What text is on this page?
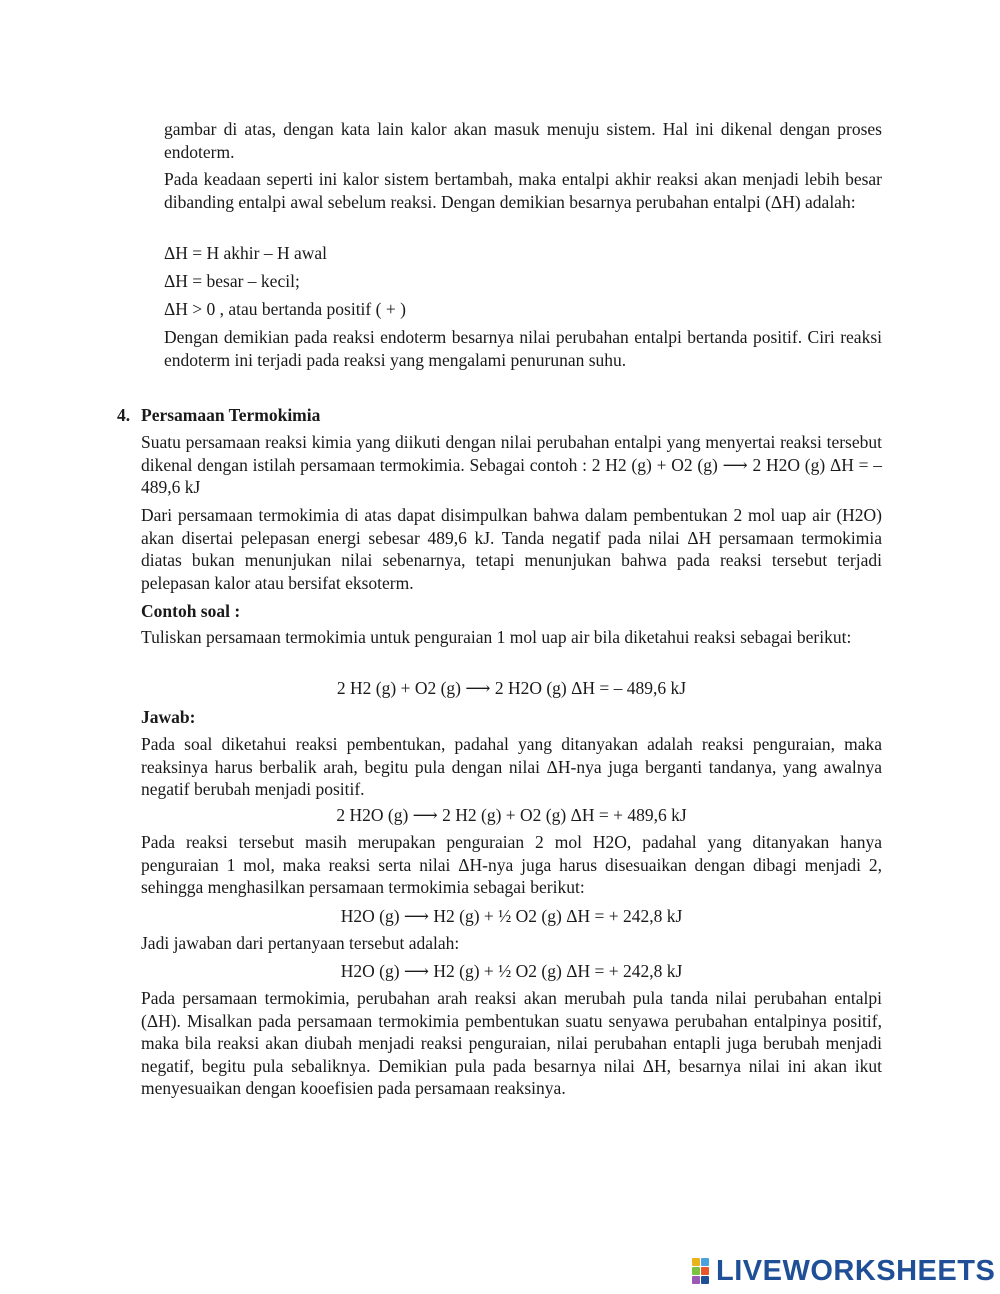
gambar di atas, dengan kata lain kalor akan masuk menuju sistem. Hal ini dikenal dengan proses endoterm.

Pada keadaan seperti ini kalor sistem bertambah, maka entalpi akhir reaksi akan menjadi lebih besar dibanding entalpi awal sebelum reaksi. Dengan demikian besarnya perubahan entalpi (ΔH) adalah:

ΔH = H akhir – H awal

ΔH = besar – kecil;

ΔH > 0 , atau bertanda positif ( + )

Dengan demikian pada reaksi endoterm besarnya nilai perubahan entalpi bertanda positif. Ciri reaksi endoterm ini terjadi pada reaksi yang mengalami penurunan suhu.

4. Persamaan Termokimia

Suatu persamaan reaksi kimia yang diikuti dengan nilai perubahan entalpi yang menyertai reaksi tersebut dikenal dengan istilah persamaan termokimia. Sebagai contoh : 2 H2 (g) + O2 (g) ⟶ 2 H2O (g) ΔH = – 489,6 kJ

Dari persamaan termokimia di atas dapat disimpulkan bahwa dalam pembentukan 2 mol uap air (H2O) akan disertai pelepasan energi sebesar 489,6 kJ. Tanda negatif pada nilai ΔH persamaan termokimia diatas bukan menunjukan nilai sebenarnya, tetapi menunjukan bahwa pada reaksi tersebut terjadi pelepasan kalor atau bersifat eksoterm.

Contoh soal :

Tuliskan persamaan termokimia untuk penguraian 1 mol uap air bila diketahui reaksi sebagai berikut:

2 H2 (g) + O2 (g) ⟶ 2 H2O (g) ΔH = – 489,6 kJ

Jawab:

Pada soal diketahui reaksi pembentukan, padahal yang ditanyakan adalah reaksi penguraian, maka reaksinya harus berbalik arah, begitu pula dengan nilai ΔH-nya juga berganti tandanya, yang awalnya negatif berubah menjadi positif.

2 H2O (g) ⟶ 2 H2 (g) + O2 (g) ΔH = + 489,6 kJ

Pada reaksi tersebut masih merupakan penguraian 2 mol H2O, padahal yang ditanyakan hanya penguraian 1 mol, maka reaksi serta nilai ΔH-nya juga harus disesuaikan dengan dibagi menjadi 2, sehingga menghasilkan persamaan termokimia sebagai berikut:

H2O (g) ⟶ H2 (g) + ½ O2 (g) ΔH = + 242,8 kJ

Jadi jawaban dari pertanyaan tersebut adalah:

H2O (g) ⟶ H2 (g) + ½ O2 (g) ΔH = + 242,8 kJ

Pada persamaan termokimia, perubahan arah reaksi akan merubah pula tanda nilai perubahan entalpi (ΔH). Misalkan pada persamaan termokimia pembentukan suatu senyawa perubahan entalpinya positif, maka bila reaksi akan diubah menjadi reaksi penguraian, nilai perubahan entapli juga berubah menjadi negatif, begitu pula sebaliknya. Demikian pula pada besarnya nilai ΔH, besarnya nilai ini akan ikut menyesuaikan dengan kooefisien pada persamaan reaksinya.

LIVEWORKSHEETS
